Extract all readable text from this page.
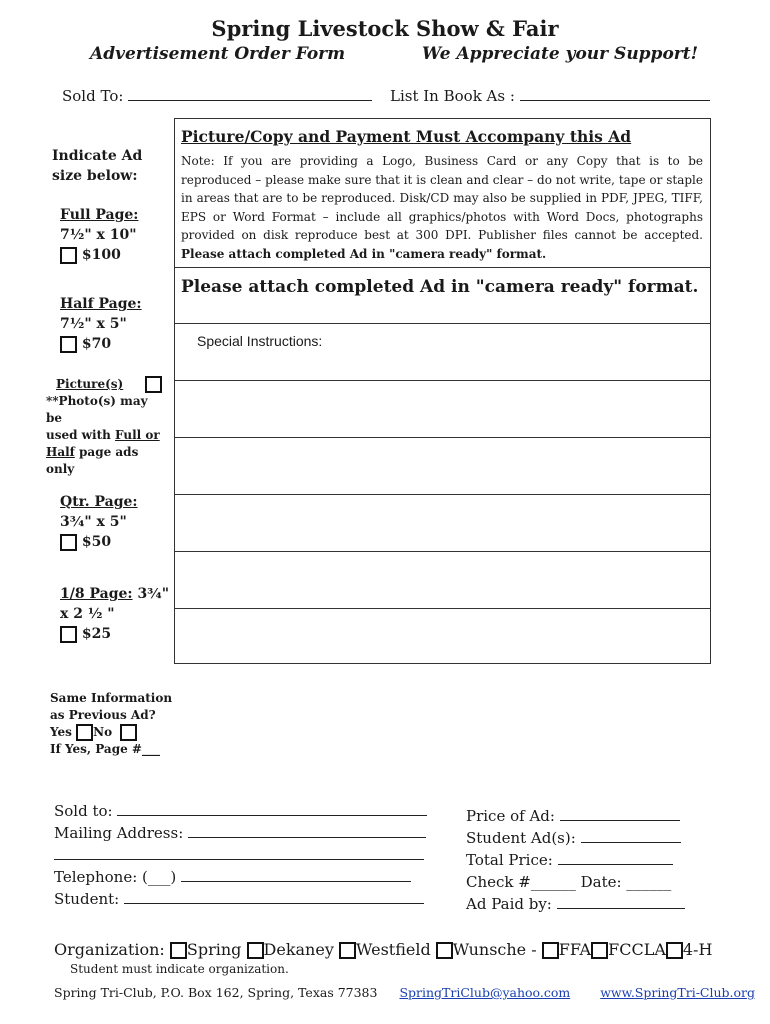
Spring Livestock Show & Fair
Advertisement Order Form	We Appreciate your Support!
Sold To:	List In Book As :
Indicate Ad size below:
Full Page:
7½" x 10"
$100
Half Page:
7½" x 5"
$70
Picture(s)
**Photo(s) may be
used with Full or
Half page ads only
Qtr. Page:
3¾" x 5"
$50
1/8 Page: 3¾"
x 2 ½ "
$25
Same Information
as Previous Ad?
Yes No
If Yes, Page #___
Picture/Copy and Payment Must Accompany this Ad
Note: If you are providing a Logo, Business Card or any Copy that is to be reproduced – please make sure that it is clean and clear – do not write, tape or staple in areas that are to be reproduced. Disk/CD may also be supplied in PDF, JPEG, TIFF, EPS or Word Format – include all graphics/photos with Word Docs, photographs provided on disk reproduce best at 300 DPI. Publisher files cannot be accepted. Please attach completed Ad in "camera ready" format.
Please attach completed Ad in "camera ready" format.
Special Instructions:
Sold to:
Mailing Address:
Telephone: (___)
Student:
Price of Ad:
Student Ad(s):
Total Price:
Check #______ Date: ______
Ad Paid by:
Organization: Spring Dekaney Westfield Wunsche - FFA FCCLA 4-H
Student must indicate organization.
Spring Tri-Club, P.O. Box 162, Spring, Texas 77383 SpringTriClub@yahoo.com www.SpringTri-Club.org
